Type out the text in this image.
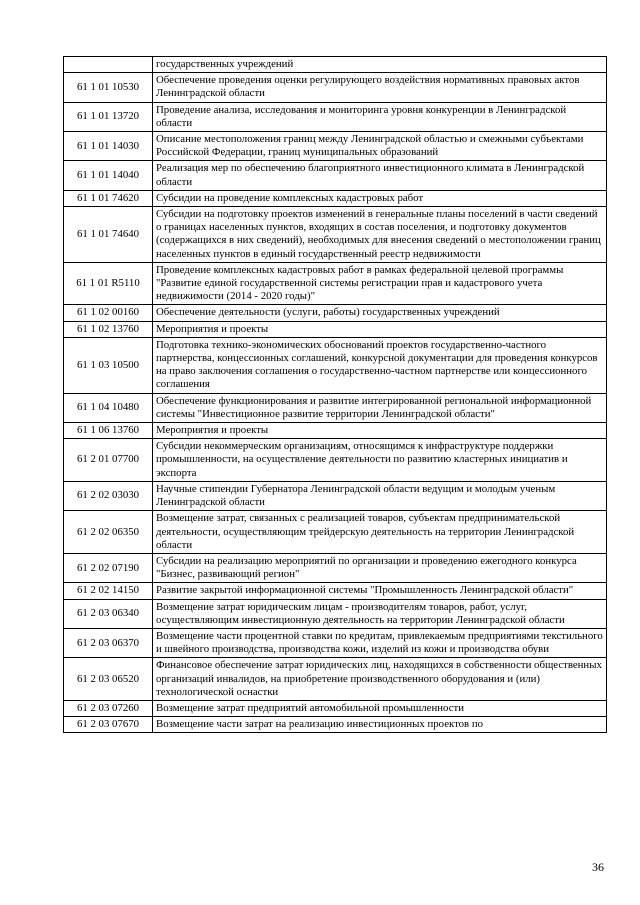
	государственных учреждений
61 1 01 10530	Обеспечение проведения оценки регулирующего воздействия нормативных правовых актов Ленинградской области
61 1 01 13720	Проведение анализа, исследования и мониторинга уровня конкуренции в Ленинградской области
61 1 01 14030	Описание местоположения границ между Ленинградской областью и смежными субъектами Российской Федерации, границ муниципальных образований
61 1 01 14040	Реализация мер по обеспечению благоприятного инвестиционного климата в Ленинградской области
61 1 01 74620	Субсидии на проведение комплексных кадастровых работ
61 1 01 74640	Субсидии на подготовку проектов изменений в генеральные планы поселений в части сведений о границах населенных пунктов, входящих в состав поселения, и подготовку документов (содержащихся в них сведений), необходимых для внесения сведений о местоположении границ населенных пунктов в единый государственный реестр недвижимости
61 1 01 R5110	Проведение комплексных кадастровых работ в рамках федеральной целевой программы "Развитие единой государственной системы регистрации прав и кадастрового учета недвижимости (2014 - 2020 годы)"
61 1 02 00160	Обеспечение деятельности (услуги, работы) государственных учреждений
61 1 02 13760	Мероприятия и проекты
61 1 03 10500	Подготовка технико-экономических обоснований проектов государственно-частного партнерства, концессионных соглашений, конкурсной документации для проведения конкурсов на право заключения соглашения о государственно-частном партнерстве или концессионного соглашения
61 1 04 10480	Обеспечение функционирования и развитие интегрированной региональной информационной системы "Инвестиционное развитие территории Ленинградской области"
61 1 06 13760	Мероприятия и проекты
61 2 01 07700	Субсидии некоммерческим организациям, относящимся к инфраструктуре поддержки промышленности, на осуществление деятельности по развитию кластерных инициатив и экспорта
61 2 02 03030	Научные стипендии Губернатора Ленинградской области ведущим и молодым ученым Ленинградской области
61 2 02 06350	Возмещение затрат, связанных с реализацией товаров, субъектам предпринимательской деятельности, осуществляющим трейдерскую деятельность на территории Ленинградской области
61 2 02 07190	Субсидии на реализацию мероприятий по организации и проведению ежегодного конкурса "Бизнес, развивающий регион"
61 2 02 14150	Развитие закрытой информационной системы "Промышленность Ленинградской области"
61 2 03 06340	Возмещение затрат юридическим лицам - производителям товаров, работ, услуг, осуществляющим инвестиционную деятельность на территории Ленинградской области
61 2 03 06370	Возмещение части процентной ставки по кредитам, привлекаемым предприятиями текстильного и швейного производства, производства кожи, изделий из кожи и производства обуви
61 2 03 06520	Финансовое обеспечение затрат юридических лиц, находящихся в собственности общественных организаций инвалидов, на приобретение производственного оборудования и (или) технологической оснастки
61 2 03 07260	Возмещение затрат предприятий автомобильной промышленности
61 2 03 07670	Возмещение части затрат на реализацию инвестиционных проектов по
36
